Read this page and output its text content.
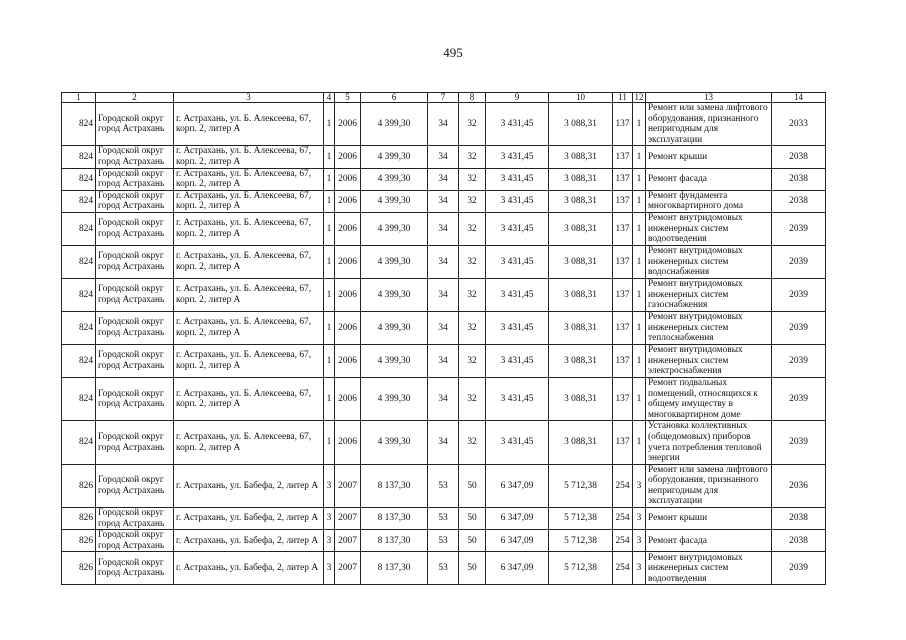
495
1	2	3	4	5	6	7	8	9	10	11	12	13	14
824	Городской округ город Астрахань	г. Астрахань, ул. Б. Алексеева, 67, корп. 2, литер А	1	2006	4 399,30	34	32	3 431,45	3 088,31	137	1	Ремонт или замена лифтового оборудования, признанного непригодным для эксплуатации	2033
824	Городской округ город Астрахань	г. Астрахань, ул. Б. Алексеева, 67, корп. 2, литер А	1	2006	4 399,30	34	32	3 431,45	3 088,31	137	1	Ремонт крыши	2038
824	Городской округ город Астрахань	г. Астрахань, ул. Б. Алексеева, 67, корп. 2, литер А	1	2006	4 399,30	34	32	3 431,45	3 088,31	137	1	Ремонт фасада	2038
824	Городской округ город Астрахань	г. Астрахань, ул. Б. Алексеева, 67, корп. 2, литер А	1	2006	4 399,30	34	32	3 431,45	3 088,31	137	1	Ремонт фундамента многоквартирного дома	2038
824	Городской округ город Астрахань	г. Астрахань, ул. Б. Алексеева, 67, корп. 2, литер А	1	2006	4 399,30	34	32	3 431,45	3 088,31	137	1	Ремонт внутридомовых инженерных систем водоотведения	2039
824	Городской округ город Астрахань	г. Астрахань, ул. Б. Алексеева, 67, корп. 2, литер А	1	2006	4 399,30	34	32	3 431,45	3 088,31	137	1	Ремонт внутридомовых инженерных систем водоснабжения	2039
824	Городской округ город Астрахань	г. Астрахань, ул. Б. Алексеева, 67, корп. 2, литер А	1	2006	4 399,30	34	32	3 431,45	3 088,31	137	1	Ремонт внутридомовых инженерных систем газоснабжения	2039
824	Городской округ город Астрахань	г. Астрахань, ул. Б. Алексеева, 67, корп. 2, литер А	1	2006	4 399,30	34	32	3 431,45	3 088,31	137	1	Ремонт внутридомовых инженерных систем теплоснабжения	2039
824	Городской округ город Астрахань	г. Астрахань, ул. Б. Алексеева, 67, корп. 2, литер А	1	2006	4 399,30	34	32	3 431,45	3 088,31	137	1	Ремонт внутридомовых инженерных систем электроснабжения	2039
824	Городской округ город Астрахань	г. Астрахань, ул. Б. Алексеева, 67, корп. 2, литер А	1	2006	4 399,30	34	32	3 431,45	3 088,31	137	1	Ремонт подвальных помещений, относящихся к общему имуществу в многоквартирном доме	2039
824	Городской округ город Астрахань	г. Астрахань, ул. Б. Алексеева, 67, корп. 2, литер А	1	2006	4 399,30	34	32	3 431,45	3 088,31	137	1	Установка коллективных (общедомовых) приборов учета потребления тепловой энергии	2039
826	Городской округ город Астрахань	г. Астрахань, ул. Бабефа, 2, литер А	3	2007	8 137,30	53	50	6 347,09	5 712,38	254	3	Ремонт или замена лифтового оборудования, признанного непригодным для эксплуатации	2036
826	Городской округ город Астрахань	г. Астрахань, ул. Бабефа, 2, литер А	3	2007	8 137,30	53	50	6 347,09	5 712,38	254	3	Ремонт крыши	2038
826	Городской округ город Астрахань	г. Астрахань, ул. Бабефа, 2, литер А	3	2007	8 137,30	53	50	6 347,09	5 712,38	254	3	Ремонт фасада	2038
826	Городской округ город Астрахань	г. Астрахань, ул. Бабефа, 2, литер А	3	2007	8 137,30	53	50	6 347,09	5 712,38	254	3	Ремонт внутридомовых инженерных систем водоотведения	2039
